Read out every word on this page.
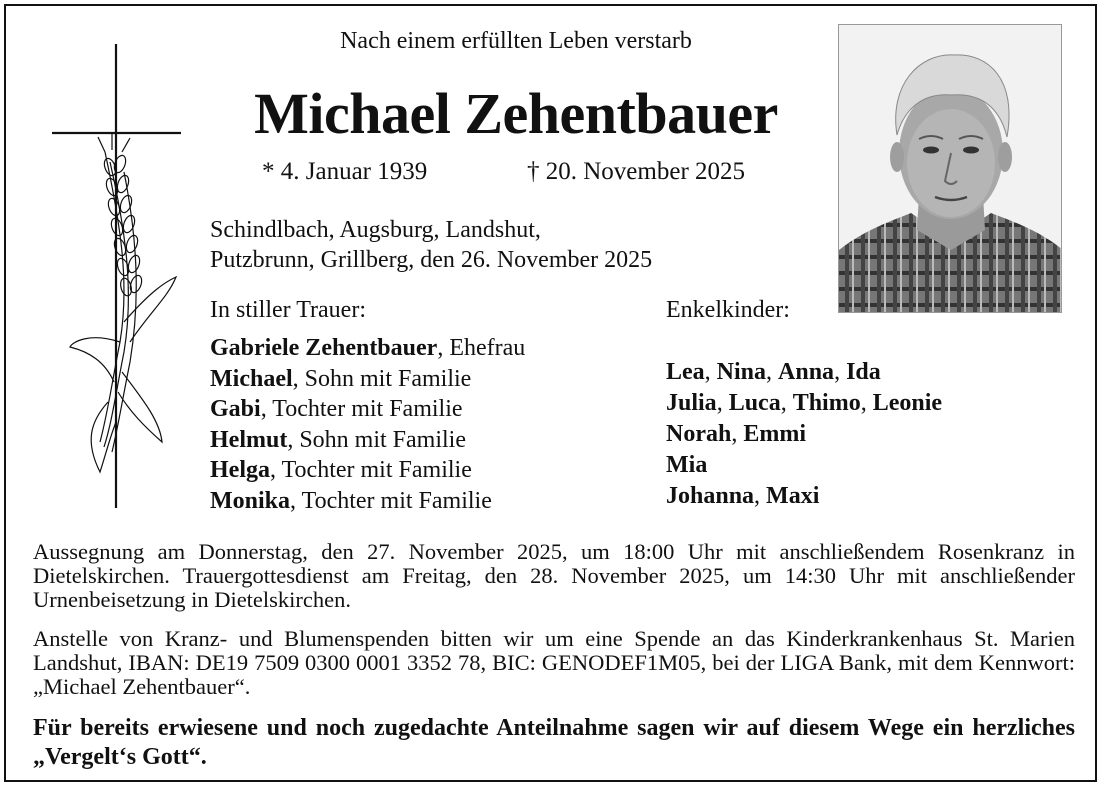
Nach einem erfüllten Leben verstarb
Michael Zehentbauer
* 4. Januar 1939	† 20. November 2025
Schindlbach, Augsburg, Landshut,
Putzbrunn, Grillberg, den 26. November 2025
In stiller Trauer:	Enkelkinder:
Gabriele Zehentbauer, Ehefrau
Michael, Sohn mit Familie
Gabi, Tochter mit Familie
Helmut, Sohn mit Familie
Helga, Tochter mit Familie
Monika, Tochter mit Familie
Lea, Nina, Anna, Ida
Julia, Luca, Thimo, Leonie
Norah, Emmi
Mia
Johanna, Maxi
Aussegnung am Donnerstag, den 27. November 2025, um 18:00 Uhr mit anschließendem Rosenkranz in Dietelskirchen. Trauergottesdienst am Freitag, den 28. November 2025, um 14:30 Uhr mit anschließender Urnenbeisetzung in Dietelskirchen.
Anstelle von Kranz- und Blumenspenden bitten wir um eine Spende an das Kinderkrankenhaus St. Marien Landshut, IBAN: DE19 7509 0300 0001 3352 78, BIC: GENODEF1M05, bei der LIGA Bank, mit dem Kennwort: „Michael Zehentbauer“.
Für bereits erwiesene und noch zugedachte Anteilnahme sagen wir auf diesem Wege ein herzliches „Vergelt‘s Gott“.
